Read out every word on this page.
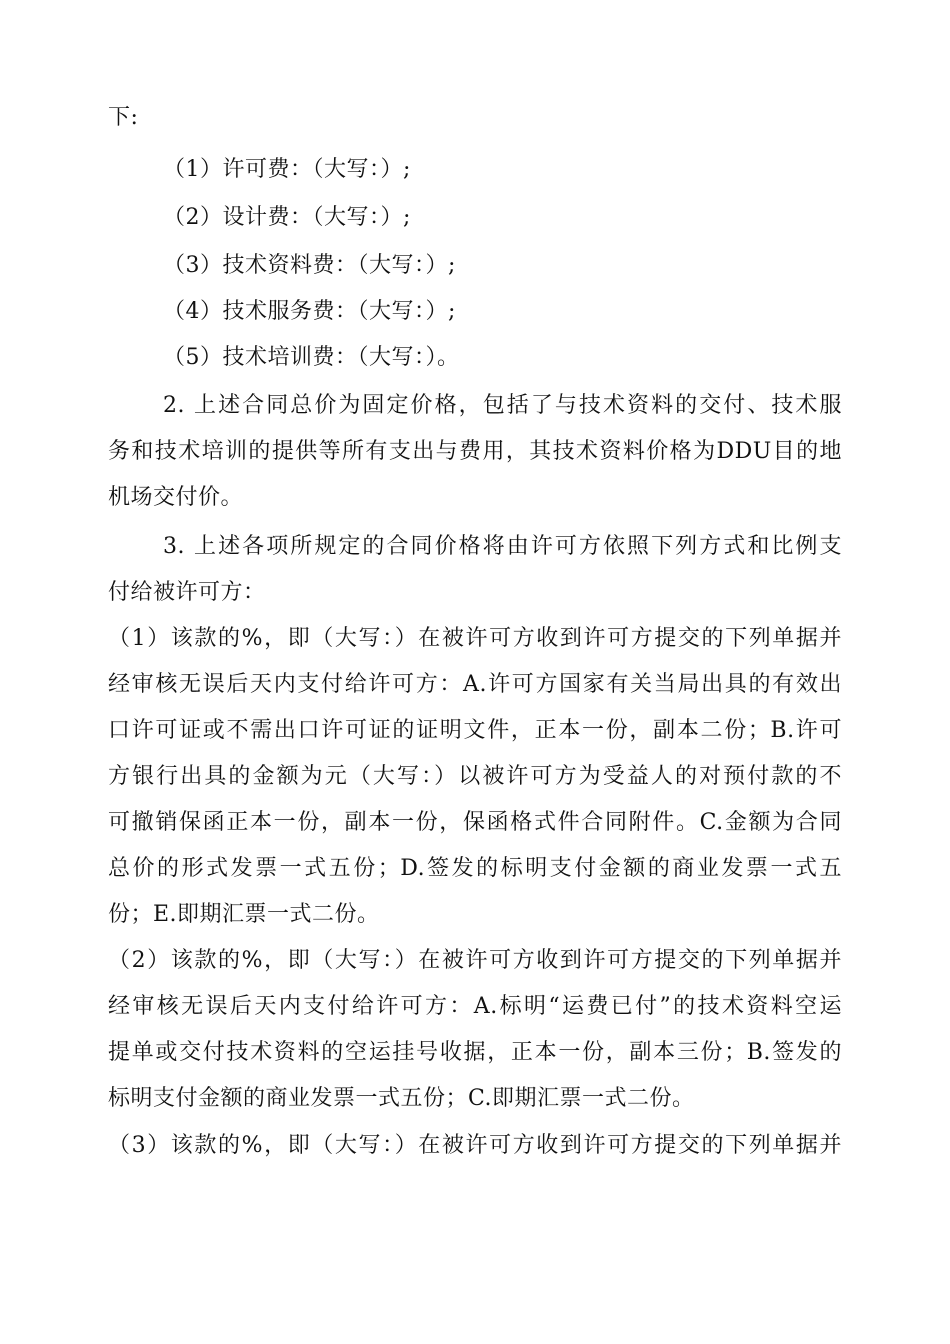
下:
（1）许可费：（大写：）;
（2）设计费：（大写：）;
（3）技术资料费：（大写：）;
（4）技术服务费：（大写：）;
（5）技术培训费：（大写：）。
2. 上述合同总价为固定价格，包括了与技术资料的交付、技术服
务和技术培训的提供等所有支出与费用，其技术资料价格为DDU目的地
机场交付价。
3. 上述各项所规定的合同价格将由许可方依照下列方式和比例支
付给被许可方：
（1）该款的%，即（大写：）在被许可方收到许可方提交的下列单据并
经审核无误后天内支付给许可方：A.许可方国家有关当局出具的有效出
口许可证或不需出口许可证的证明文件，正本一份，副本二份；B.许可
方银行出具的金额为元（大写：）以被许可方为受益人的对预付款的不
可撤销保函正本一份，副本一份，保函格式件合同附件。C.金额为合同
总价的形式发票一式五份；D.签发的标明支付金额的商业发票一式五
份；E.即期汇票一式二份。
（2）该款的%，即（大写：）在被许可方收到许可方提交的下列单据并
经审核无误后天内支付给许可方：A.标明“运费已付”的技术资料空运
提单或交付技术资料的空运挂号收据，正本一份，副本三份；B.签发的
标明支付金额的商业发票一式五份；C.即期汇票一式二份。
（3）该款的%，即（大写：）在被许可方收到许可方提交的下列单据并
